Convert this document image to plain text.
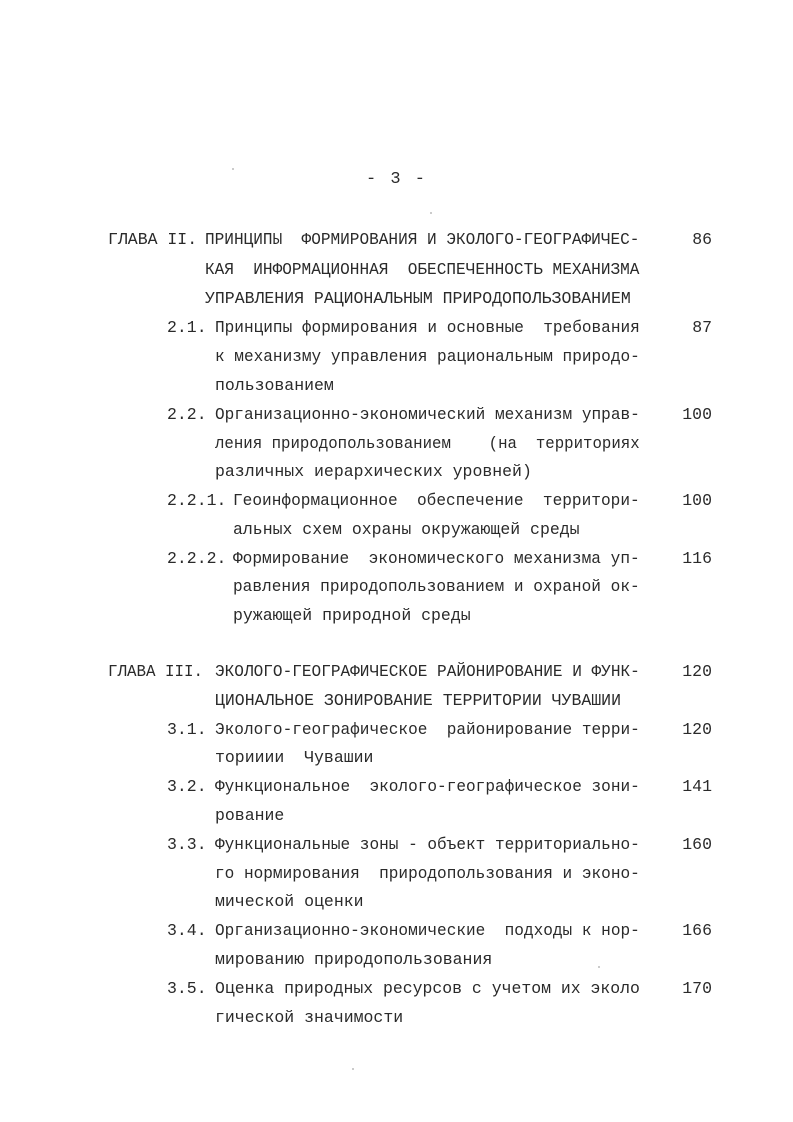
- 3 -
ГЛАВА II. ПРИНЦИПЫ  ФОРМИРОВАНИЯ И ЭКОЛОГО-ГЕОГРАФИЧЕС-
КАЯ  ИНФОРМАЦИОННАЯ  ОБЕСПЕЧЕННОСТЬ МЕХАНИЗМА
УПРАВЛЕНИЯ РАЦИОНАЛЬНЫМ ПРИРОДОПОЛЬЗОВАНИЕМ
86
2.1. Принципы формирования и основные  требования
к механизму управления рациональным природо-
пользованием
87
2.2. Организационно-экономический механизм управ-
ления природопользованием    (на  территориях
различных иерархических уровней)
100
2.2.1. Геоинформационное  обеспечение  территори-
альных схем охраны окружающей среды
100
2.2.2. Формирование  экономического механизма уп-
равления природопользованием и охраной ок-
ружающей природной среды
116
ГЛАВА III. ЭКОЛОГО-ГЕОГРАФИЧЕСКОЕ РАЙОНИРОВАНИЕ И ФУНК-
ЦИОНАЛЬНОЕ ЗОНИРОВАНИЕ ТЕРРИТОРИИ ЧУВАШИИ
120
3.1. Эколого-географическое  районирование терри-
торииии  Чувашии
120
3.2. Функциональное  эколого-географическое зони-
рование
141
3.3. Функциональные зоны - объект территориально-
го нормирования  природопользования и эконо-
мической оценки
160
3.4. Организационно-экономические  подходы к нор-
мированию природопользования
166
3.5. Оценка природных ресурсов с учетом их эколо
гической значимости
170
